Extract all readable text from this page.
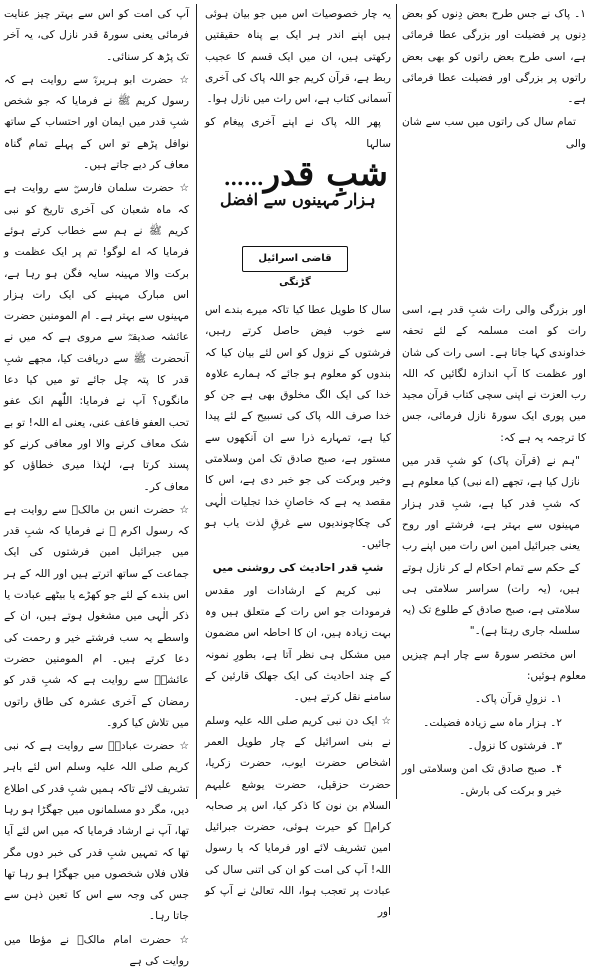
۱۔ پاک نے جس طرح بعض دِنوں کو بعض دِنوں پر فضیلت اور بزرگی عطا فرمائی ہے، اسی طرح بعض راتوں کو بھی بعض راتوں پر بزرگی اور فضیلت عطا فرمائی ہے۔

تمام سال کی راتوں میں سب سے شان والی

یہ چار خصوصیات اس میں جو بیان ہوئی ہیں اپنے اندر ہر ایک بے پناہ حقیقتیں رکھتی ہیں، ان میں ایک قسم کا عجیب ربط ہے، قرآن کریم جو اللہ پاک کی آخری آسمانی کتاب ہے، اس رات میں نازل ہوا۔

پھر اللہ پاک نے اپنے آخری پیغام کو سالہا

شبِ قدر……
ہزار مہینوں سے افضل
قاضی اسرائیل گڑنگی

اور بزرگی والی رات شبِ قدر ہے، اسی رات کو امت مسلمہ کے لئے تحفہ خداوندی کہا جاتا ہے۔ اسی رات کی شان اور عظمت کا آپ اندازہ لگائیں کہ اللہ رب العزت نے اپنی سچی کتاب قرآن مجید میں پوری ایک سورۃ نازل فرمائی، جس کا ترجمہ یہ ہے کہ:

"ہم نے (قرآن پاک) کو شبِ قدر میں نازل کیا ہے، تجھے (اے نبی) کیا معلوم ہے کہ شبِ قدر کیا ہے، شبِ قدر ہزار مہینوں سے بہتر ہے، فرشتے اور روح یعنی جبرائیل امین اس رات میں اپنے رب کے حکم سے تمام احکام لے کر نازل ہوتے ہیں، (یہ رات) سراسر سلامتی ہی سلامتی ہے، صبح صادق کے طلوع تک (یہ سلسلہ جاری رہتا ہے)۔"

اس مختصر سورۃ سے چار اہم چیزیں معلوم ہوئیں:

۱۔ نزولِ قرآن پاک۔

۲۔ ہزار ماہ سے زیادہ فضیلت۔

۳۔ فرشتوں کا نزول۔

۴۔ صبح صادق تک امن وسلامتی اور خیر و برکت کی بارش۔

سال کا طویل عطا کیا تاکہ میرے بندے اس سے خوب فیض حاصل کرتے رہیں، فرشتوں کے نزول کو اس لئے بیان کیا کہ بندوں کو معلوم ہو جائے کہ ہمارے علاوہ خدا کی ایک الگ مخلوق بھی ہے جن کو خدا صرف اللہ پاک کی تسبیح کے لئے پیدا کیا ہے، تمہارے ذرا سے ان آنکھوں سے مستور ہے، صبح صادق تک امن وسلامتی وخیر وبرکت کی جو خبر دی ہے، اس کا مقصد یہ ہے کہ خاصانِ خدا تجلیات الٰہی کی چکاچوندیوں سے غرقِ لذت یاب ہو جائیں۔

شبِ قدر احادیث کی روشنی میں

نبی کریم کے ارشادات اور مقدس فرمودات جو اس رات کے متعلق ہیں وہ بہت زیادہ ہیں، ان کا احاطہ اس مضمون میں مشکل ہی نظر آتا ہے، بطورِ نمونہ کے چند احادیث کی ایک جھلک قارئین کے سامنے نقل کرتے ہیں۔

☆ ایک دن نبی کریم صلی اللہ علیہ وسلم نے بنی اسرائیل کے چار طویل العمر اشخاص حضرت ایوب، حضرت زکریا، حضرت حزقیل، حضرت یوشع علیہم السلام بن نون کا ذکر کیا، اس پر صحابہ کرامؓ کو حیرت ہوئی، حضرت جبرائیل امین تشریف لائے اور فرمایا کہ یا رسول اللہ! آپ کی امت کو ان کی اتنی سال کی عبادت پر تعجب ہوا، اللہ تعالیٰ نے آپ کو اور

آپ کی امت کو اس سے بہتر چیز عنایت فرمائی یعنی سورۃ قدر نازل کی، یہ آخر تک پڑھ کر سنائی۔

☆ حضرت ابو ہریرہؓ سے روایت ہے کہ رسول کریم ﷺ نے فرمایا کہ جو شخص شبِ قدر میں ایمان اور احتساب کے ساتھ نوافل پڑھے تو اس کے پہلے تمام گناہ معاف کر دیے جاتے ہیں۔

☆ حضرت سلمان فارسیؓ سے روایت ہے کہ ماہ شعبان کی آخری تاریخ کو نبی کریم ﷺ نے ہم سے خطاب کرتے ہوئے فرمایا کہ اے لوگو! تم پر ایک عظمت و برکت والا مہینہ سایہ فگن ہو رہا ہے، اس مبارک مہینے کی ایک رات ہزار مہینوں سے بہتر ہے۔ ام المومنین حضرت عائشہ صدیقہؓ سے مروی ہے کہ میں نے آنحضرت ﷺ سے دریافت کیا، مجھے شبِ قدر کا پتہ چل جائے تو میں کیا دعا مانگوں؟ آپ نے فرمایا: اللّٰھم انک عفو تحب العفو فاعف عنی، یعنی اے اللہ! تو بے شک معاف کرنے والا اور معافی کرنے کو پسند کرتا ہے، لہٰذا میری خطاؤں کو معاف کر۔

☆ حضرت انس بن مالکؓ سے روایت ہے کہ رسول اکرم ﷺ نے فرمایا کہ شبِ قدر میں جبرائیل امین فرشتوں کی ایک جماعت کے ساتھ اترتے ہیں اور اللہ کے ہر اس بندے کے لئے جو کھڑے یا بیٹھے عبادت یا ذکر الٰہی میں مشغول ہوتے ہیں، ان کے واسطے یہ سب فرشتے خیر و رحمت کی دعا کرتے ہیں۔ ام المومنین حضرت عائشہؓ سے روایت ہے کہ شبِ قدر کو رمضان کے آخری عشرہ کی طاق راتوں میں تلاش کیا کرو۔

☆ حضرت عبادہؓ سے روایت ہے کہ نبی کریم صلی اللہ علیہ وسلم اس لئے باہر تشریف لائے تاکہ ہمیں شبِ قدر کی اطلاع دیں، مگر دو مسلمانوں میں جھگڑا ہو رہا تھا، آپ نے ارشاد فرمایا کہ میں اس لئے آیا تھا کہ تمہیں شبِ قدر کی خبر دوں مگر فلاں فلاں شخصوں میں جھگڑا ہو رہا تھا جس کی وجہ سے اس کا تعین ذہن سے جاتا رہا۔

☆ حضرت امام مالکؒ نے مؤطا میں روایت کی ہے
